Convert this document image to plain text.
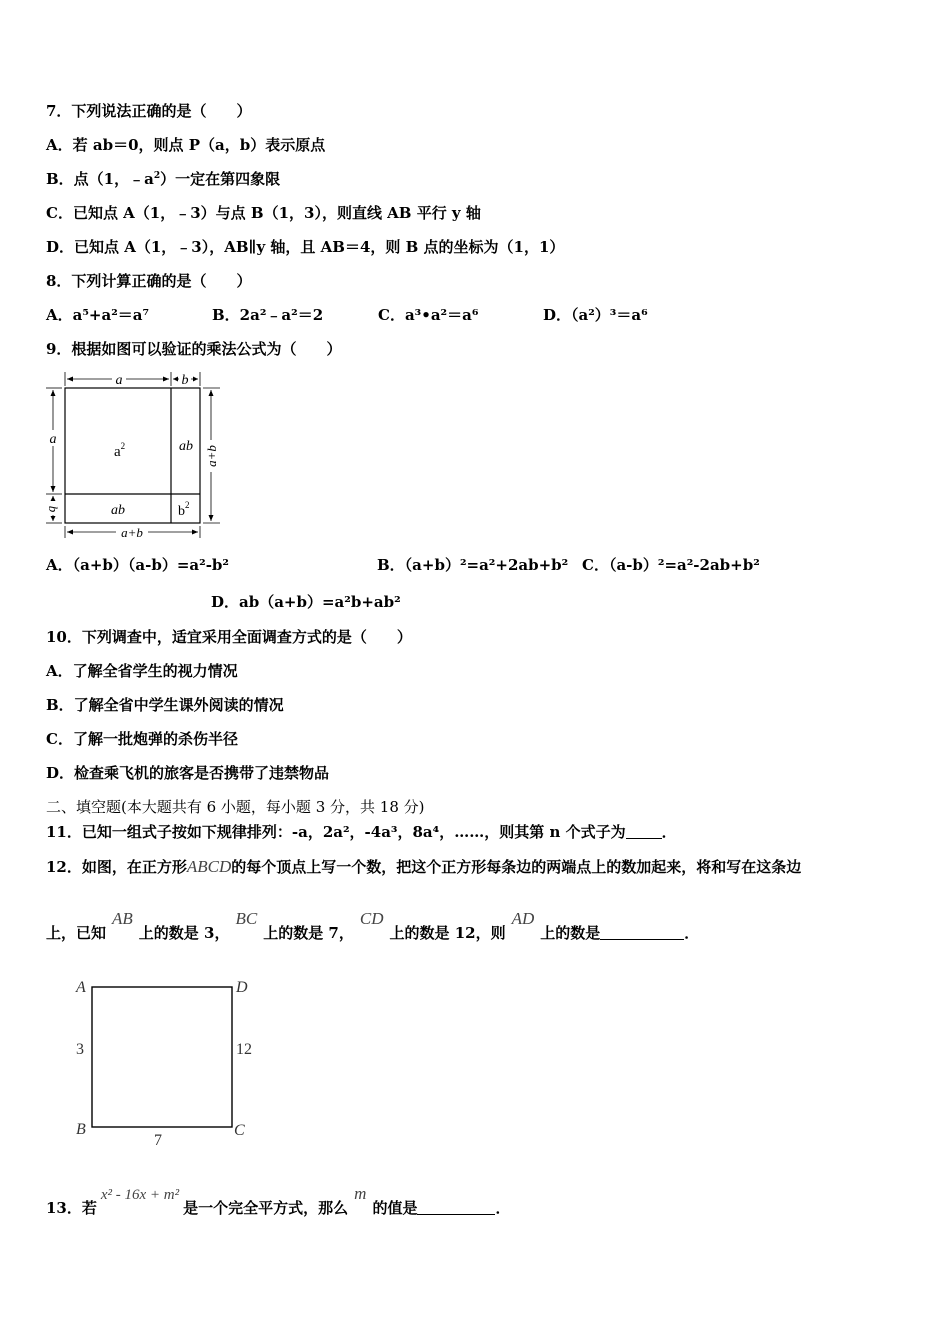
7．下列说法正确的是（　　）
A．若 ab＝0，则点 P（a，b）表示原点
B．点（1，$﹣a^2$）一定在第四象限
C．已知点 A（1，﹣3）与点 B（1，3），则直线 AB 平行 y 轴
D．已知点 A（1，﹣3），AB∥y 轴，且 AB＝4，则 B 点的坐标为（1，1）
8．下列计算正确的是（　　）
A．a⁵+a²＝a⁷	B．2a²﹣a²＝2	C．a³•a²＝a⁶	D．（a²）³＝a⁶
9．根据如图可以验证的乘法公式为（　　）
a	b
a
b
a+b
a+b
$a^2$	ab
ab	$b^2$
A．（a+b）（a-b）=a²-b²	B．（a+b）²=a²+2ab+b² C．（a-b）²=a²-2ab+b²
D．ab（a+b）=a²b+ab²
10．下列调查中，适宜采用全面调查方式的是（　　）
A．了解全省学生的视力情况
B．了解全省中学生课外阅读的情况
C．了解一批炮弹的杀伤半径
D．检查乘飞机的旅客是否携带了违禁物品
二、填空题(本大题共有 6 小题，每小题 3 分，共 18 分)
11．已知一组式子按如下规律排列：-a，2a²，-4a³，8a⁴，……，则其第 n 个式子为 ．
12．如图，在正方形ABCD的每个顶点上写一个数，把这个正方形每条边的两端点上的数加起来，将和写在这条边
上，已知AB上的数是 3，BC上的数是 7，CD上的数是 12，则AD上的数是	．
A	D
B	C
3	12
7
13．若x² - 16x + m²是一个完全平方式，那么m的值是	．
